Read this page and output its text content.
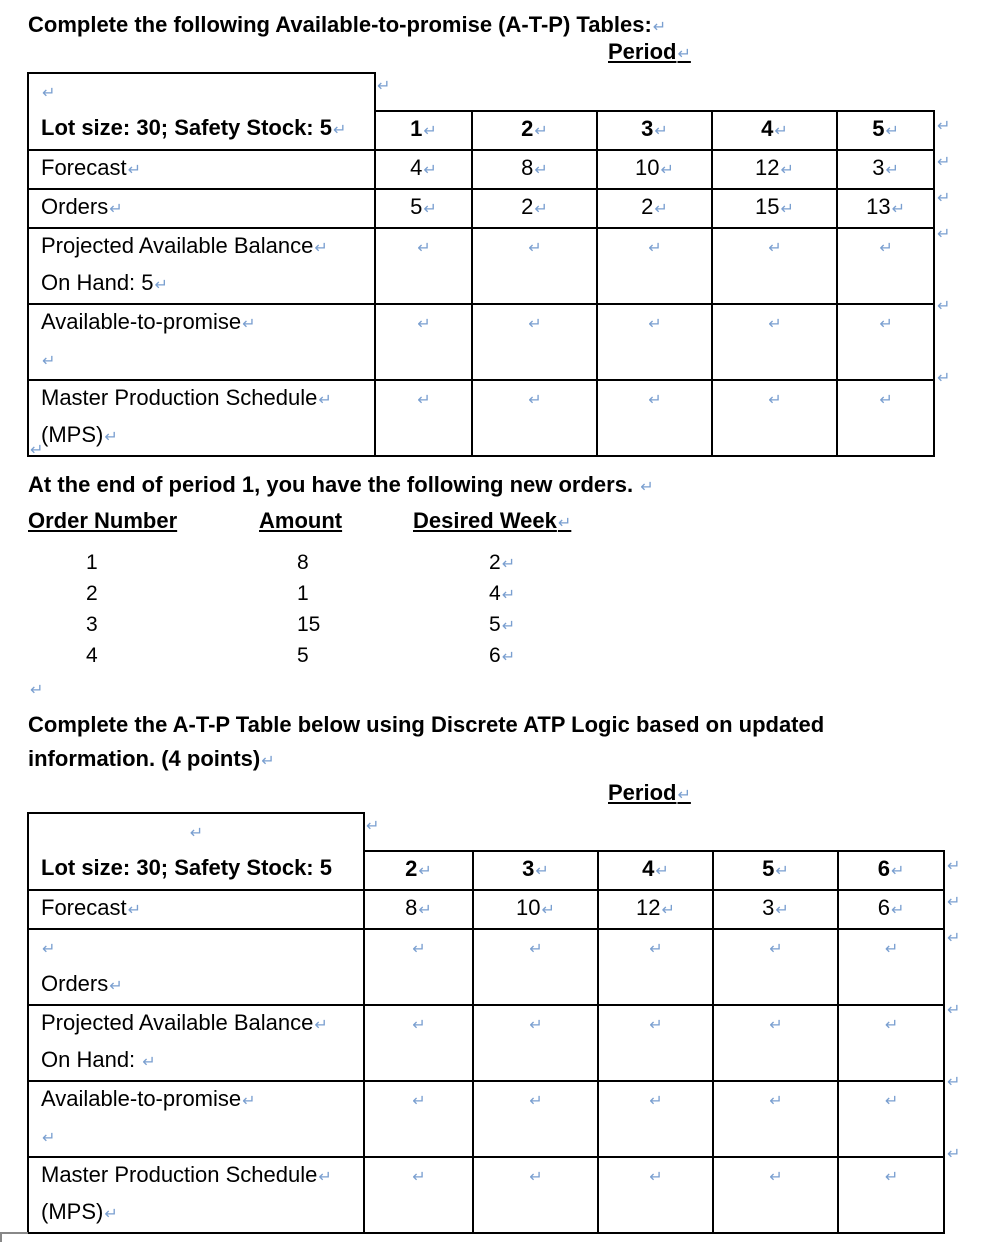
Complete the following Available-to-promise (A-T-P) Tables: ↵
Period ↵
↵	
Lot size: 30; Safety Stock: 5 ↵	1 ↵	2 ↵	3 ↵	4 ↵	5 ↵
Forecast ↵	4 ↵	8 ↵	10 ↵	12 ↵	3 ↵
Orders ↵	5 ↵	2 ↵	2 ↵	15 ↵	13 ↵

Projected Available Balance ↵
On Hand: 5 ↵
	↵	↵	↵	↵	↵

Available-to-promise ↵
↵
	↵	↵	↵	↵	↵

Master Production Schedule ↵
(MPS) ↵
	↵	↵	↵	↵	↵
↵
↵
↵
↵
↵
↵
↵
↵
At the end of period 1, you have the following new orders.  ↵
Order Number	Amount	Desired Week ↵
1	8	2 ↵
2	1	4 ↵
3	15	5 ↵
4	5	6 ↵
↵
Complete the A-T-P Table below using Discrete ATP Logic based on updated
information. (4 points) ↵
Period ↵
↵	
Lot size: 30; Safety Stock: 5	2 ↵	3 ↵	4 ↵	5 ↵	6 ↵
Forecast ↵	8 ↵	10 ↵	12 ↵	3 ↵	6 ↵

↵
Orders ↵
	↵	↵	↵	↵	↵

Projected Available Balance ↵
On Hand:  ↵
	↵	↵	↵	↵	↵

Available-to-promise ↵
↵
	↵	↵	↵	↵	↵

Master Production Schedule ↵
(MPS) ↵
	↵	↵	↵	↵	↵
↵
↵
↵
↵
↵
↵
↵
